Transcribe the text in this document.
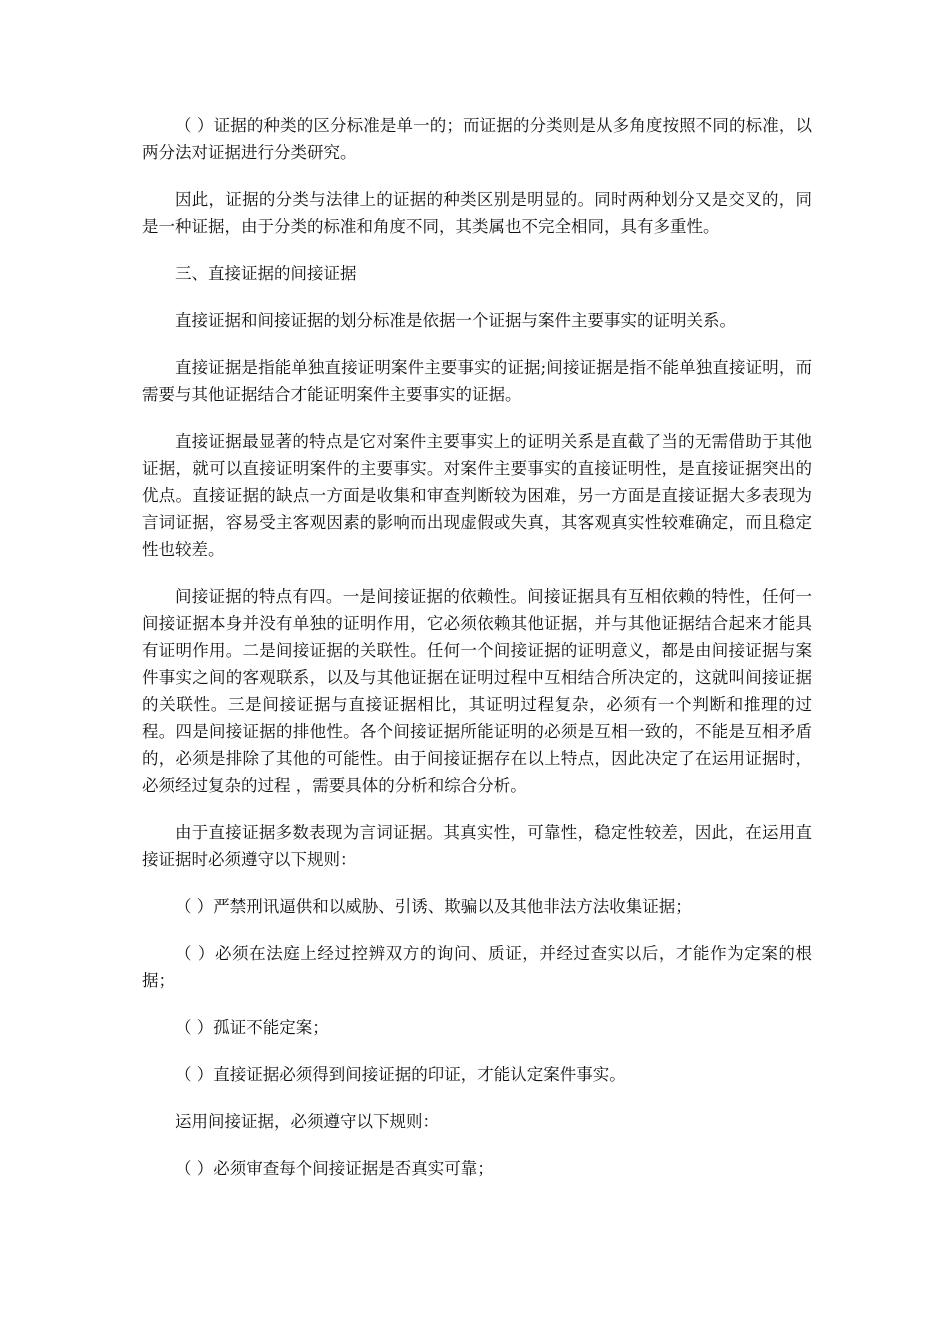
（ ）证据的种类的区分标准是单一的；而证据的分类则是从多角度按照不同的标准，以两分法对证据进行分类研究。

因此，证据的分类与法律上的证据的种类区别是明显的。同时两种划分又是交叉的，同是一种证据，由于分类的标准和角度不同，其类属也不完全相同，具有多重性。

三、直接证据的间接证据

直接证据和间接证据的划分标准是依据一个证据与案件主要事实的证明关系。

直接证据是指能单独直接证明案件主要事实的证据;间接证据是指不能单独直接证明，而需要与其他证据结合才能证明案件主要事实的证据。

直接证据最显著的特点是它对案件主要事实上的证明关系是直截了当的无需借助于其他证据，就可以直接证明案件的主要事实。对案件主要事实的直接证明性，是直接证据突出的优点。直接证据的缺点一方面是收集和审查判断较为困难，另一方面是直接证据大多表现为言词证据，容易受主客观因素的影响而出现虚假或失真，其客观真实性较难确定，而且稳定性也较差。

间接证据的特点有四。一是间接证据的依赖性。间接证据具有互相依赖的特性，任何一间接证据本身并没有单独的证明作用，它必须依赖其他证据，并与其他证据结合起来才能具有证明作用。二是间接证据的关联性。任何一个间接证据的证明意义，都是由间接证据与案件事实之间的客观联系，以及与其他证据在证明过程中互相结合所决定的，这就叫间接证据的关联性。三是间接证据与直接证据相比，其证明过程复杂，必须有一个判断和推理的过程。四是间接证据的排他性。各个间接证据所能证明的必须是互相一致的，不能是互相矛盾的，必须是排除了其他的可能性。由于间接证据存在以上特点，因此决定了在运用证据时，必须经过复杂的过程 ，需要具体的分析和综合分析。

由于直接证据多数表现为言词证据。其真实性，可靠性，稳定性较差，因此，在运用直接证据时必须遵守以下规则：

（ ）严禁刑讯逼供和以威胁、引诱、欺骗以及其他非法方法收集证据；

（ ）必须在法庭上经过控辨双方的询问、质证，并经过查实以后，才能作为定案的根据；

（ ）孤证不能定案；

（ ）直接证据必须得到间接证据的印证，才能认定案件事实。

运用间接证据，必须遵守以下规则：

（ ）必须审查每个间接证据是否真实可靠；
